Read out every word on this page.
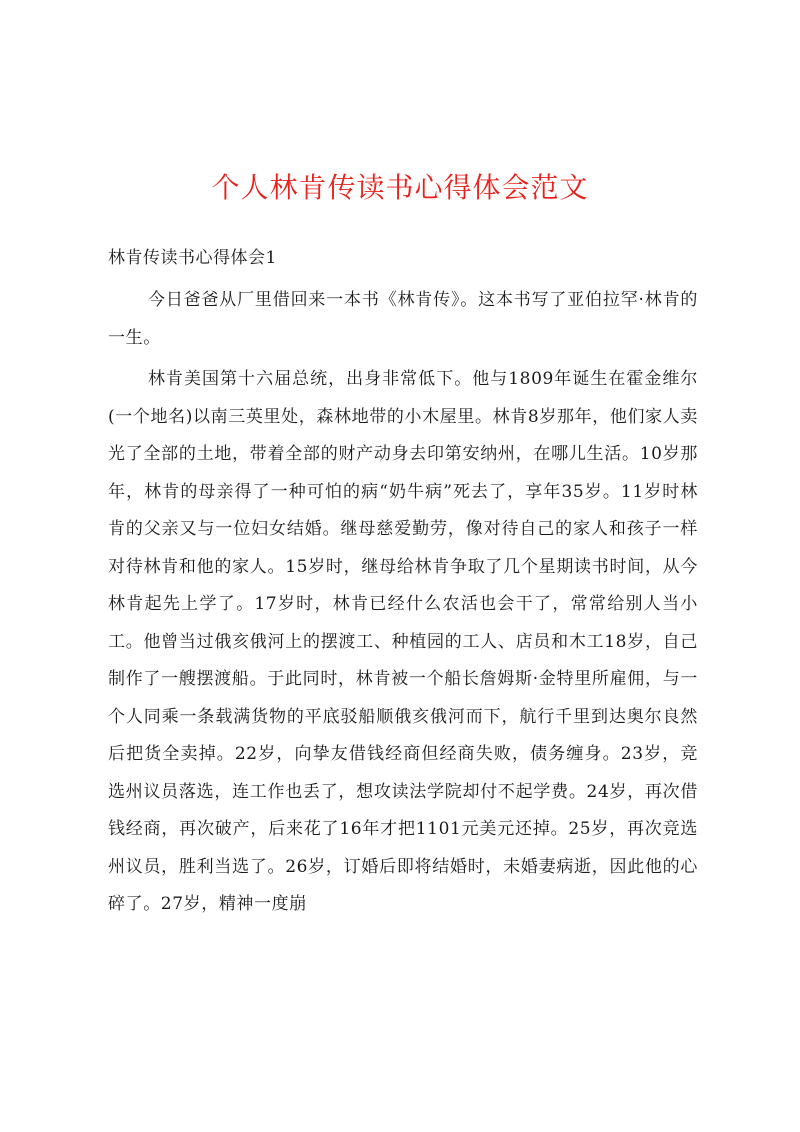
个人林肯传读书心得体会范文
林肯传读书心得体会1

今日爸爸从厂里借回来一本书《林肯传》。这本书写了亚伯拉罕·林肯的一生。

林肯美国第十六届总统，出身非常低下。他与1809年诞生在霍金维尔(一个地名)以南三英里处，森林地带的小木屋里。林肯8岁那年，他们家人卖光了全部的土地，带着全部的财产动身去印第安纳州，在哪儿生活。10岁那年，林肯的母亲得了一种可怕的病“奶牛病”死去了，享年35岁。11岁时林肯的父亲又与一位妇女结婚。继母慈爱勤劳，像对待自己的家人和孩子一样对待林肯和他的家人。15岁时，继母给林肯争取了几个星期读书时间，从今林肯起先上学了。17岁时，林肯已经什么农活也会干了，常常给别人当小工。他曾当过俄亥俄河上的摆渡工、种植园的工人、店员和木工18岁，自己制作了一艘摆渡船。于此同时，林肯被一个船长詹姆斯·金特里所雇佣，与一个人同乘一条载满货物的平底驳船顺俄亥俄河而下，航行千里到达奥尔良然后把货全卖掉。22岁，向挚友借钱经商但经商失败，债务缠身。23岁，竞选州议员落选，连工作也丢了，想攻读法学院却付不起学费。24岁，再次借钱经商，再次破产，后来花了16年才把1101元美元还掉。25岁，再次竞选州议员，胜利当选了。26岁，订婚后即将结婚时，未婚妻病逝，因此他的心碎了。27岁，精神一度崩
